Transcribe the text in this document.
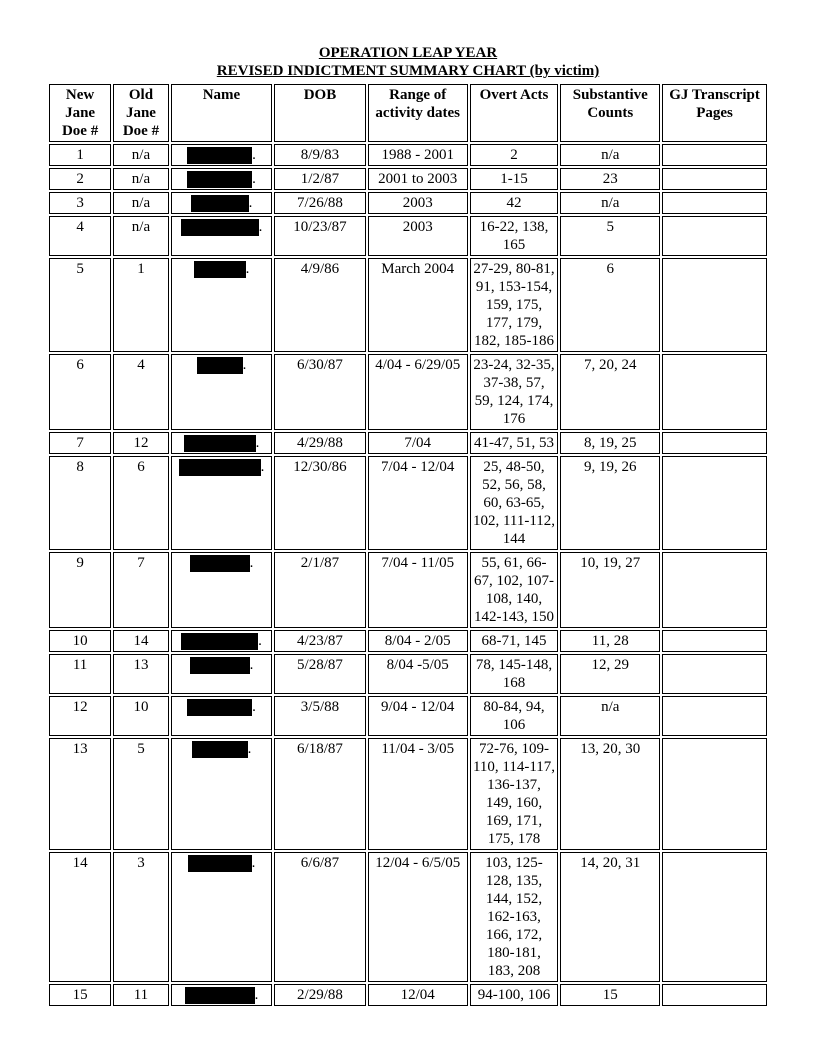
OPERATION LEAP YEAR
REVISED INDICTMENT SUMMARY CHART (by victim)
New Jane Doe #	Old Jane Doe #	Name	DOB	Range of activity dates	Overt Acts	Substantive Counts	GJ Transcript Pages
1	n/a	.	8/9/83	1988 - 2001	2	n/a	
2	n/a	.	1/2/87	2001 to 2003	1-15	23	
3	n/a	.	7/26/88	2003	42	n/a	
4	n/a	.	10/23/87	2003	16-22, 138, 165	5	
5	1	.	4/9/86	March 2004	27-29, 80-81, 91, 153-154, 159, 175, 177, 179, 182, 185-186	6	
6	4	.	6/30/87	4/04 - 6/29/05	23-24, 32-35, 37-38, 57, 59, 124, 174, 176	7, 20, 24	
7	12	.	4/29/88	7/04	41-47, 51, 53	8, 19, 25	
8	6	.	12/30/86	7/04 - 12/04	25, 48-50, 52, 56, 58, 60, 63-65, 102, 111-112, 144	9, 19, 26	
9	7	.	2/1/87	7/04 - 11/05	55, 61, 66-67, 102, 107-108, 140, 142-143, 150	10, 19, 27	
10	14	.	4/23/87	8/04 - 2/05	68-71, 145	11, 28	
11	13	.	5/28/87	8/04 -5/05	78, 145-148, 168	12, 29	
12	10	.	3/5/88	9/04 - 12/04	80-84, 94, 106	n/a	
13	5	.	6/18/87	11/04 - 3/05	72-76, 109-110, 114-117, 136-137, 149, 160, 169, 171, 175, 178	13, 20, 30	
14	3	.	6/6/87	12/04 - 6/5/05	103, 125-128, 135, 144, 152, 162-163, 166, 172, 180-181, 183, 208	14, 20, 31	
15	11	.	2/29/88	12/04	94-100, 106	15	
